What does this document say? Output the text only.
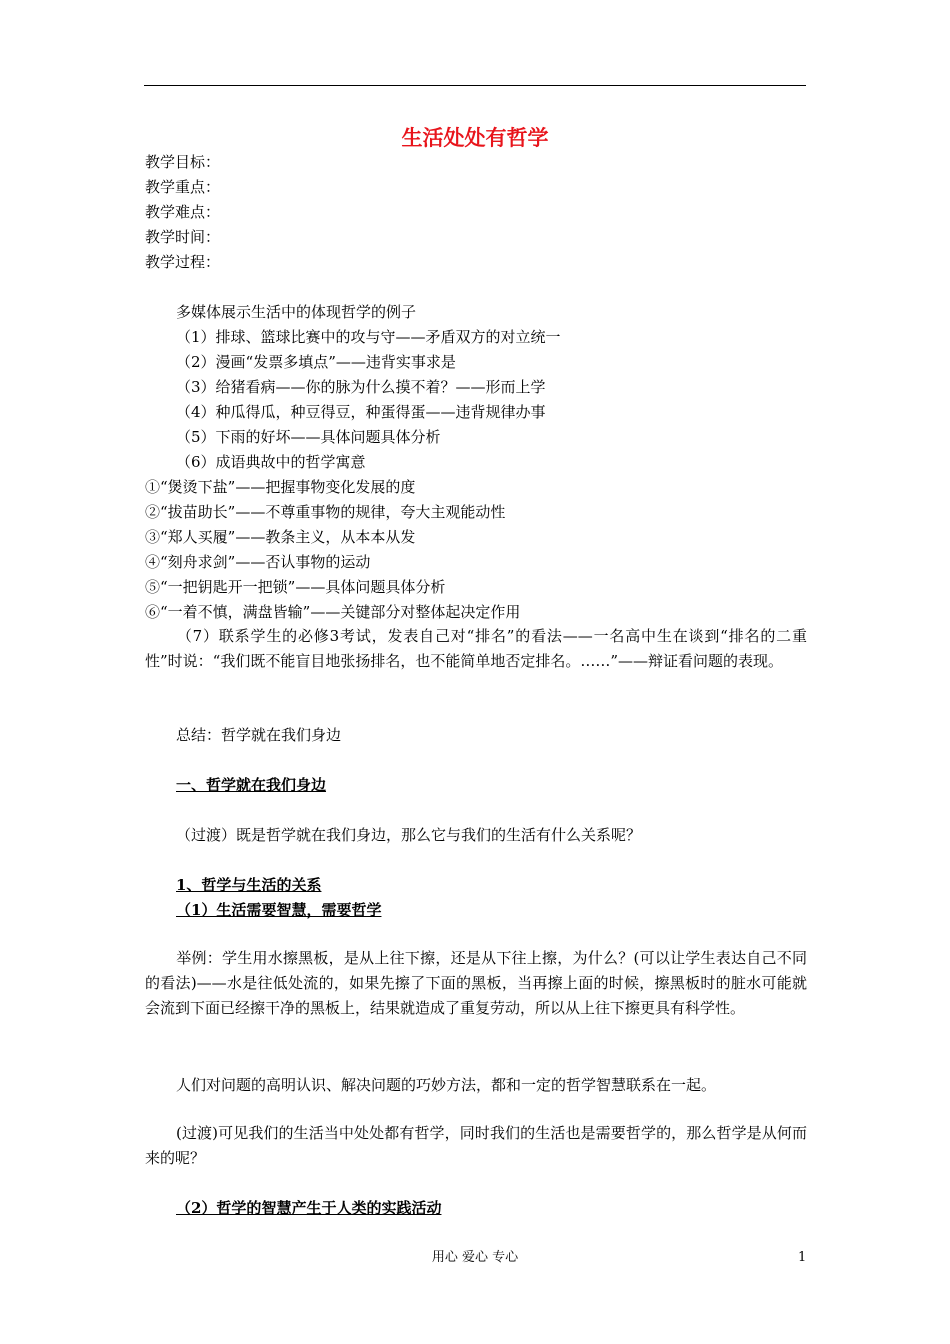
生活处处有哲学
教学目标：
教学重点：
教学难点：
教学时间：
教学过程：
多媒体展示生活中的体现哲学的例子
（1）排球、篮球比赛中的攻与守——矛盾双方的对立统一
（2）漫画“发票多填点”——违背实事求是
（3）给猪看病——你的脉为什么摸不着？——形而上学
（4）种瓜得瓜，种豆得豆，种蛋得蛋——违背规律办事
（5）下雨的好坏——具体问题具体分析
（6）成语典故中的哲学寓意
①“煲烫下盐”——把握事物变化发展的度
②“拔苗助长”——不尊重事物的规律，夸大主观能动性
③“郑人买履”——教条主义，从本本从发
④“刻舟求剑”——否认事物的运动
⑤“一把钥匙开一把锁”——具体问题具体分析
⑥“一着不慎，满盘皆输”——关键部分对整体起决定作用
（7）联系学生的必修3考试，发表自己对“排名”的看法——一名高中生在谈到“排名的二重性”时说：“我们既不能盲目地张扬排名，也不能简单地否定排名。……”——辩证看问题的表现。
总结：哲学就在我们身边
一、哲学就在我们身边
（过渡）既是哲学就在我们身边，那么它与我们的生活有什么关系呢？
1、哲学与生活的关系
（1）生活需要智慧，需要哲学
举例：学生用水擦黑板，是从上往下擦，还是从下往上擦，为什么？(可以让学生表达自己不同的看法)——水是往低处流的，如果先擦了下面的黑板，当再擦上面的时候，擦黑板时的脏水可能就会流到下面已经擦干净的黑板上，结果就造成了重复劳动，所以从上往下擦更具有科学性。
人们对问题的高明认识、解决问题的巧妙方法，都和一定的哲学智慧联系在一起。
(过渡)可见我们的生活当中处处都有哲学，同时我们的生活也是需要哲学的，那么哲学是从何而来的呢？
（2）哲学的智慧产生于人类的实践活动
用心 爱心 专心	1
